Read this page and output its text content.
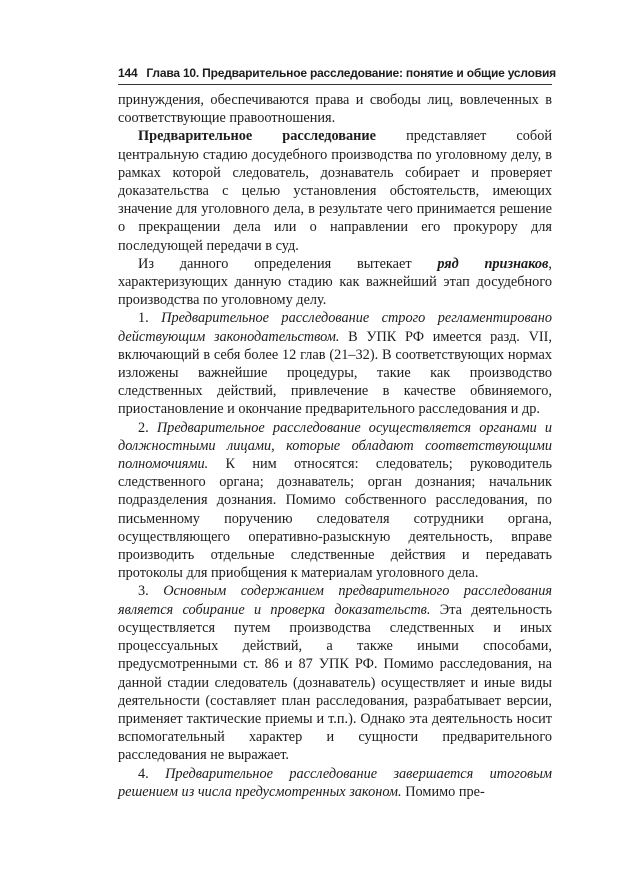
144 Глава 10. Предварительное расследование: понятие и общие условия

принуждения, обеспечиваются права и свободы лиц, вовлеченных в соответствующие правоотношения.

Предварительное расследование представляет собой центральную стадию досудебного производства по уголовному делу, в рамках которой следователь, дознаватель собирает и проверяет доказательства с целью установления обстоятельств, имеющих значение для уголовного дела, в результате чего принимается решение о прекращении дела или о направлении его прокурору для последующей передачи в суд.

Из данного определения вытекает ряд признаков, характеризующих данную стадию как важнейший этап досудебного производства по уголовному делу.

1. Предварительное расследование строго регламентировано действующим законодательством. В УПК РФ имеется разд. VII, включающий в себя более 12 глав (21–32). В соответствующих нормах изложены важнейшие процедуры, такие как производство следственных действий, привлечение в качестве обвиняемого, приостановление и окончание предварительного расследования и др.

2. Предварительное расследование осуществляется органами и должностными лицами, которые обладают соответствующими полномочиями. К ним относятся: следователь; руководитель следственного органа; дознаватель; орган дознания; начальник подразделения дознания. Помимо собственного расследования, по письменному поручению следователя сотрудники органа, осуществляющего оперативно-разыскную деятельность, вправе производить отдельные следственные действия и передавать протоколы для приобщения к материалам уголовного дела.

3. Основным содержанием предварительного расследования является собирание и проверка доказательств. Эта деятельность осуществляется путем производства следственных и иных процессуальных действий, а также иными способами, предусмотренными ст. 86 и 87 УПК РФ. Помимо расследования, на данной стадии следователь (дознаватель) осуществляет и иные виды деятельности (составляет план расследования, разрабатывает версии, применяет тактические приемы и т.п.). Однако эта деятельность носит вспомогательный характер и сущности предварительного расследования не выражает.

4. Предварительное расследование завершается итоговым решением из числа предусмотренных законом. Помимо пре-
